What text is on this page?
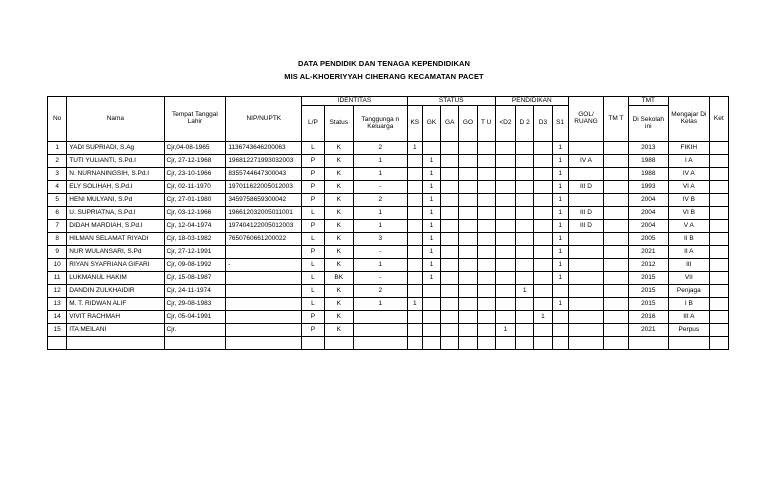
DATA PENDIDIK DAN TENAGA KEPENDIDIKAN
MIS AL-KHOERIYYAH CIHERANG KECAMATAN PACET
No	Nama	Tempat Tanggal Lahir	NIP/NUPTK	IDENTITAS			STATUS					PENDIDIKAN				GOL/ RUANG	TM T	TMT	Mengajar Di Kelas	Ket
				L/P	Status	Tanggunga n Keluarga	KS	GK	GA	GO	T U	<D2	D 2	D3	S1			Di Sekolah ini		
1	YADI SUPRIADI, S.Ag	Cjr,04-08-1965	1136743646200063	L	K	2	1								1			2013	FIKIH	
2	TUTI YULIANTI, S.Pd.I	Cjr, 27-12-1968	196812271993032003	P	K	1		1							1	IV A		1988	I A	
3	N. NURNANINGSIH, S.Pd.I	Cjr, 23-10-1966	8355744647300043	P	K	1		1							1			1988	IV A	
4	ELY SOLIHAH, S.Pd.I	Cjr, 02-11-1970	197011622005012003	P	K	-		1							1	III D		1993	VI A	
5	HENI MULYANI, S.Pd	Cjr, 27-01-1980	3459758659300042	P	K	2		1							1			2004	IV B	
6	U. SUPRIATNA, S.Pd.I	Cjr, 03-12-1966	196612032005011001	L	K	1		1							1	III D		2004	VI B	
7	DIDAH MARDIAH, S.Pd.I	Cjr, 12-04-1974	197404122005012003	P	K	1		1							1	III D		2004	V A	
8	HILMAN SELAMAT RIYADI	Cjr, 18-03-1982	7650760661200022	L	K	3		1							1			2005	II B	
9	NUR WULANSARI, S.Pd	Cjr, 27-12-1991		P	K	-		1							1			2021	II A	
10	RIYAN SYAFRIANA GIFARI	Cjr, 09-08-1992	-	L	K	1		1							1			2012	III	
11	LUKMANUL HAKIM	Cjr, 15-08-1987		L	BK	-		1							1			2015	VII	
12	DANDIN ZULKHAIDIR	Cjr, 24-11-1974		L	K	2							1					2015	Penjaga	
13	M. T. RIDWAN ALIF	Cjr, 29-08-1983		L	K	1	1								1			2015	I B	
14	VIVIT RACHMAH	Cjr, 05-04-1991		P	K									1				2016	III A	
15	ITA MEILANI	Cjr.		P	K							1						2021	Perpus	
